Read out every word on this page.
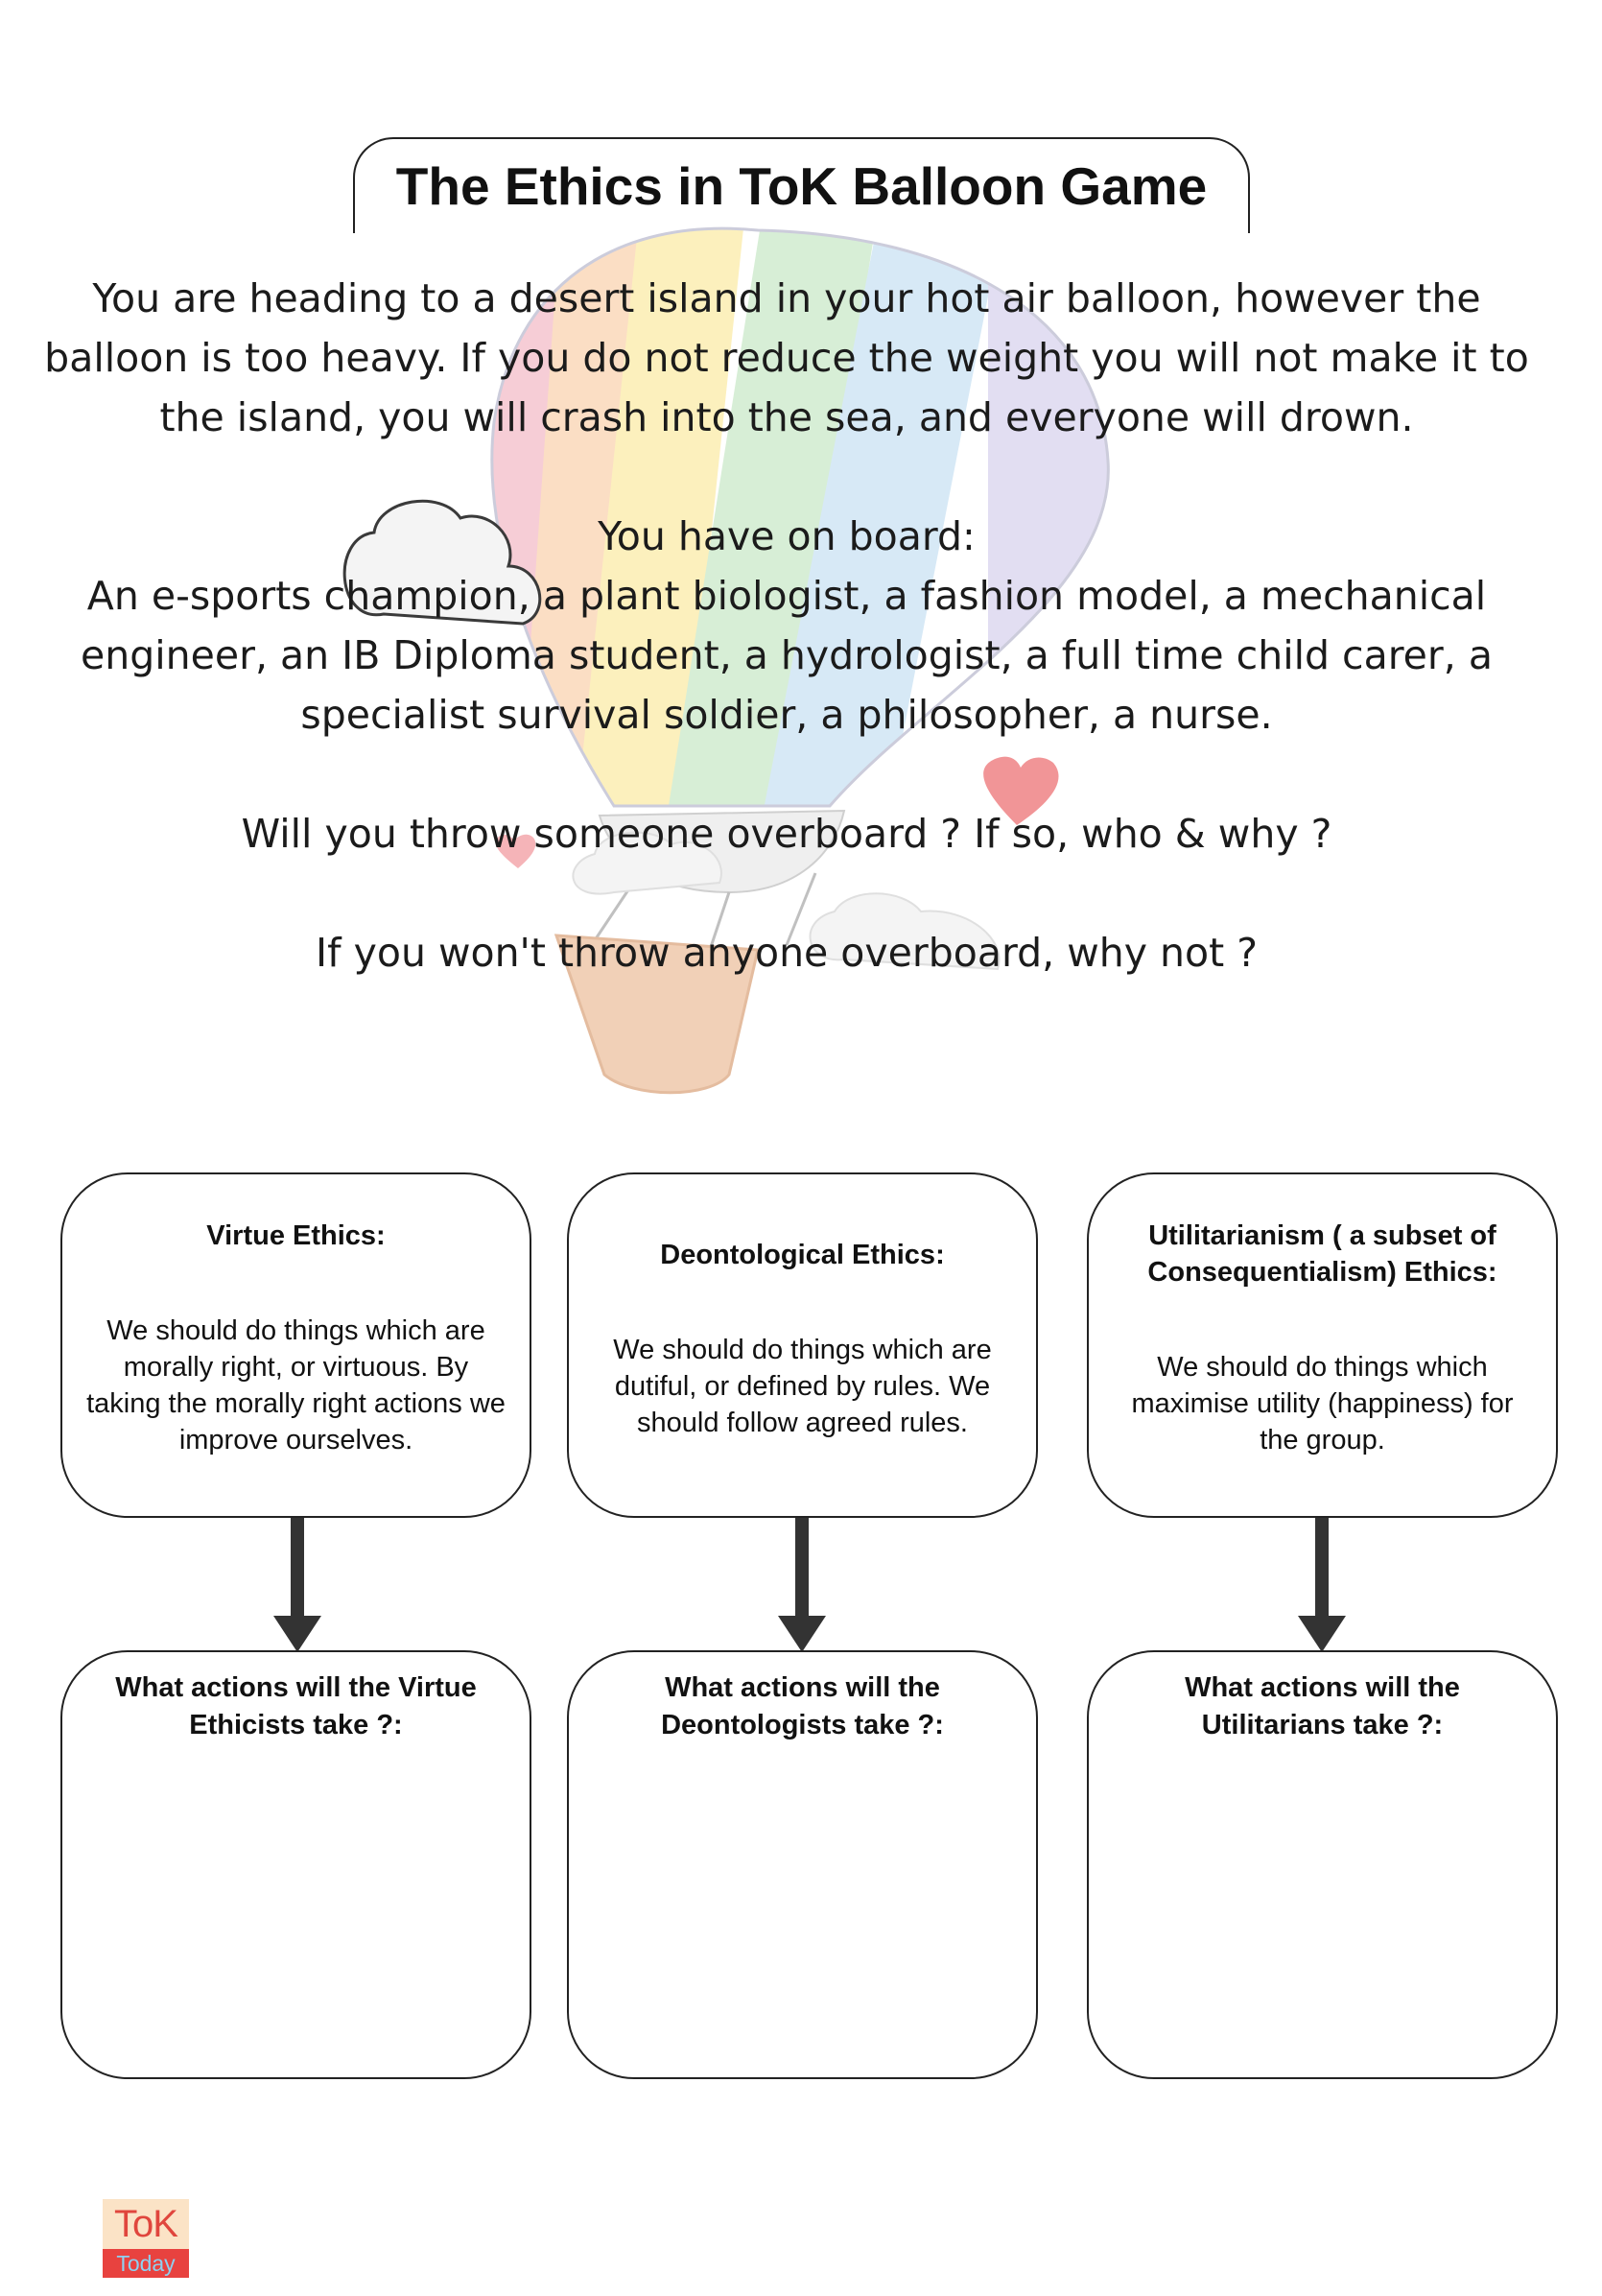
The Ethics in ToK Balloon Game

You are heading to a desert island in your hot air balloon, however the balloon is too heavy. If you do not reduce the weight you will not make it to the island, you will crash into the sea, and everyone will drown.

You have on board:

An e-sports champion, a plant biologist, a fashion model, a mechanical engineer, an IB Diploma student, a hydrologist, a full time child carer, a specialist survival soldier, a philosopher, a nurse.

Will you throw someone overboard ? If so, who & why ?

If you won't throw anyone overboard, why not ?

Virtue Ethics:
We should do things which are morally right, or virtuous. By taking the morally right actions we improve ourselves.
Deontological Ethics:
We should do things which are dutiful, or defined by rules. We should follow agreed rules.
Utilitarianism ( a subset of Consequentialism) Ethics:
We should do things which maximise utility (happiness) for the group.
What actions will the Virtue Ethicists take ?:
What actions will the Deontologists take ?:
What actions will the Utilitarians take ?:
ToK
Today
